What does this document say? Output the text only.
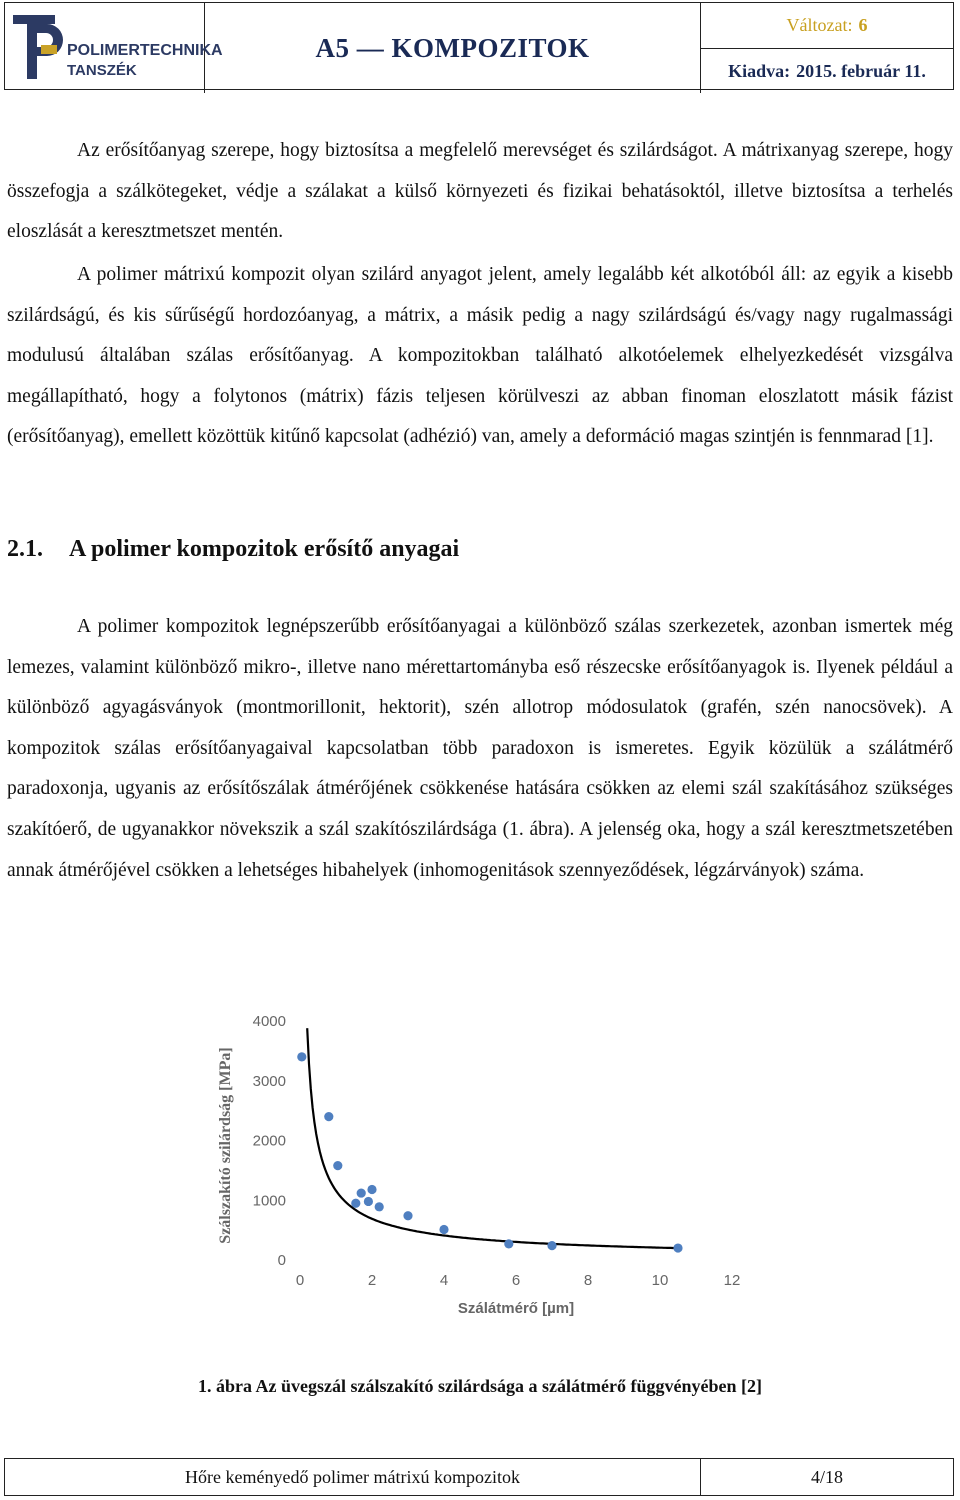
POLIMERTECHNIKA
TANSZÉK
A5 — KOMPOZITOK
Változat: 6
Kiadva: 2015. február 11.

Az erősítőanyag szerepe, hogy biztosítsa a megfelelő merevséget és szilárdságot. A mátrixanyag szerepe, hogy összefogja a szálkötegeket, védje a szálakat a külső környezeti és fizikai behatásoktól, illetve biztosítsa a terhelés eloszlását a keresztmetszet mentén.

A polimer mátrixú kompozit olyan szilárd anyagot jelent, amely legalább két alkotóból áll: az egyik a kisebb szilárdságú, és kis sűrűségű hordozóanyag, a mátrix, a másik pedig a nagy szilárdságú és/vagy nagy rugalmassági modulusú általában szálas erősítőanyag. A kompozitokban található alkotóelemek elhelyezkedését vizsgálva megállapítható, hogy a folytonos (mátrix) fázis teljesen körülveszi az abban finoman eloszlatott másik fázist (erősítőanyag), emellett közöttük kitűnő kapcsolat (adhézió) van, amely a deformáció magas szintjén is fennmarad [1].

2.1. A polimer kompozitok erősítő anyagai

A polimer kompozitok legnépszerűbb erősítőanyagai a különböző szálas szerkezetek, azonban ismertek még lemezes, valamint különböző mikro-, illetve nano mérettartományba eső részecske erősítőanyagok is. Ilyenek például a különböző agyagásványok (montmorillonit, hektorit), szén allotrop módosulatok (grafén, szén nanocsövek). A kompozitok szálas erősítőanyagaival kapcsolatban több paradoxon is ismeretes. Egyik közülük a szálátmérő paradoxonja, ugyanis az erősítőszálak átmérőjének csökkenése hatására csökken az elemi szál szakításához szükséges szakítóerő, de ugyanakkor növekszik a szál szakítószilárdsága (1. ábra). A jelenség oka, hogy a szál keresztmetszetében annak átmérőjével csökken a lehetséges hibahelyek (inhomogenitások szennyeződések, légzárványok) száma.

0
1000
2000
3000
4000
0	2	4	6	8	10	12
Szálátmérő [µm]
Szálszakító szilárdság [MPa]

1. ábra Az üvegszál szálszakító szilárdsága a szálátmérő függvényében [2]

Hőre keményedő polimer mátrixú kompozitok	4/18
